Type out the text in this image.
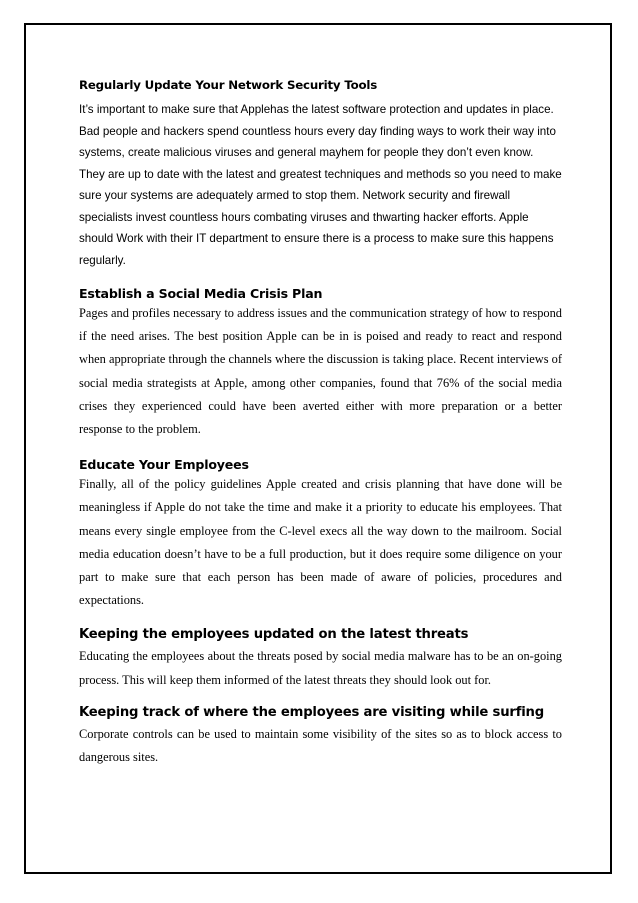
Regularly Update Your Network Security Tools

It’s important to make sure that Applehas the latest software protection and updates in place. Bad people and hackers spend countless hours every day finding ways to work their way into systems, create malicious viruses and general mayhem for people they don’t even know. They are up to date with the latest and greatest techniques and methods so you need to make sure your systems are adequately armed to stop them. Network security and firewall specialists invest countless hours combating viruses and thwarting hacker efforts. Apple should Work with their IT department to ensure there is a process to make sure this happens regularly.

Establish a Social Media Crisis Plan

Pages and profiles necessary to address issues and the communication strategy of how to respond if the need arises. The best position Apple can be in is poised and ready to react and respond when appropriate through the channels where the discussion is taking place. Recent interviews of social media strategists at Apple, among other companies, found that 76% of the social media crises they experienced could have been averted either with more preparation or a better response to the problem.

Educate Your Employees

Finally, all of the policy guidelines Apple created and crisis planning that have done will be meaningless if Apple do not take the time and make it a priority to educate his employees. That means every single employee from the C-level execs all the way down to the mailroom. Social media education doesn’t have to be a full production, but it does require some diligence on your part to make sure that each person has been made of aware of policies, procedures and expectations.

Keeping the employees updated on the latest threats

Educating the employees about the threats posed by social media malware has to be an on-going process. This will keep them informed of the latest threats they should look out for.

Keeping track of where the employees are visiting while surfing

Corporate controls can be used to maintain some visibility of the sites so as to block access to dangerous sites.
